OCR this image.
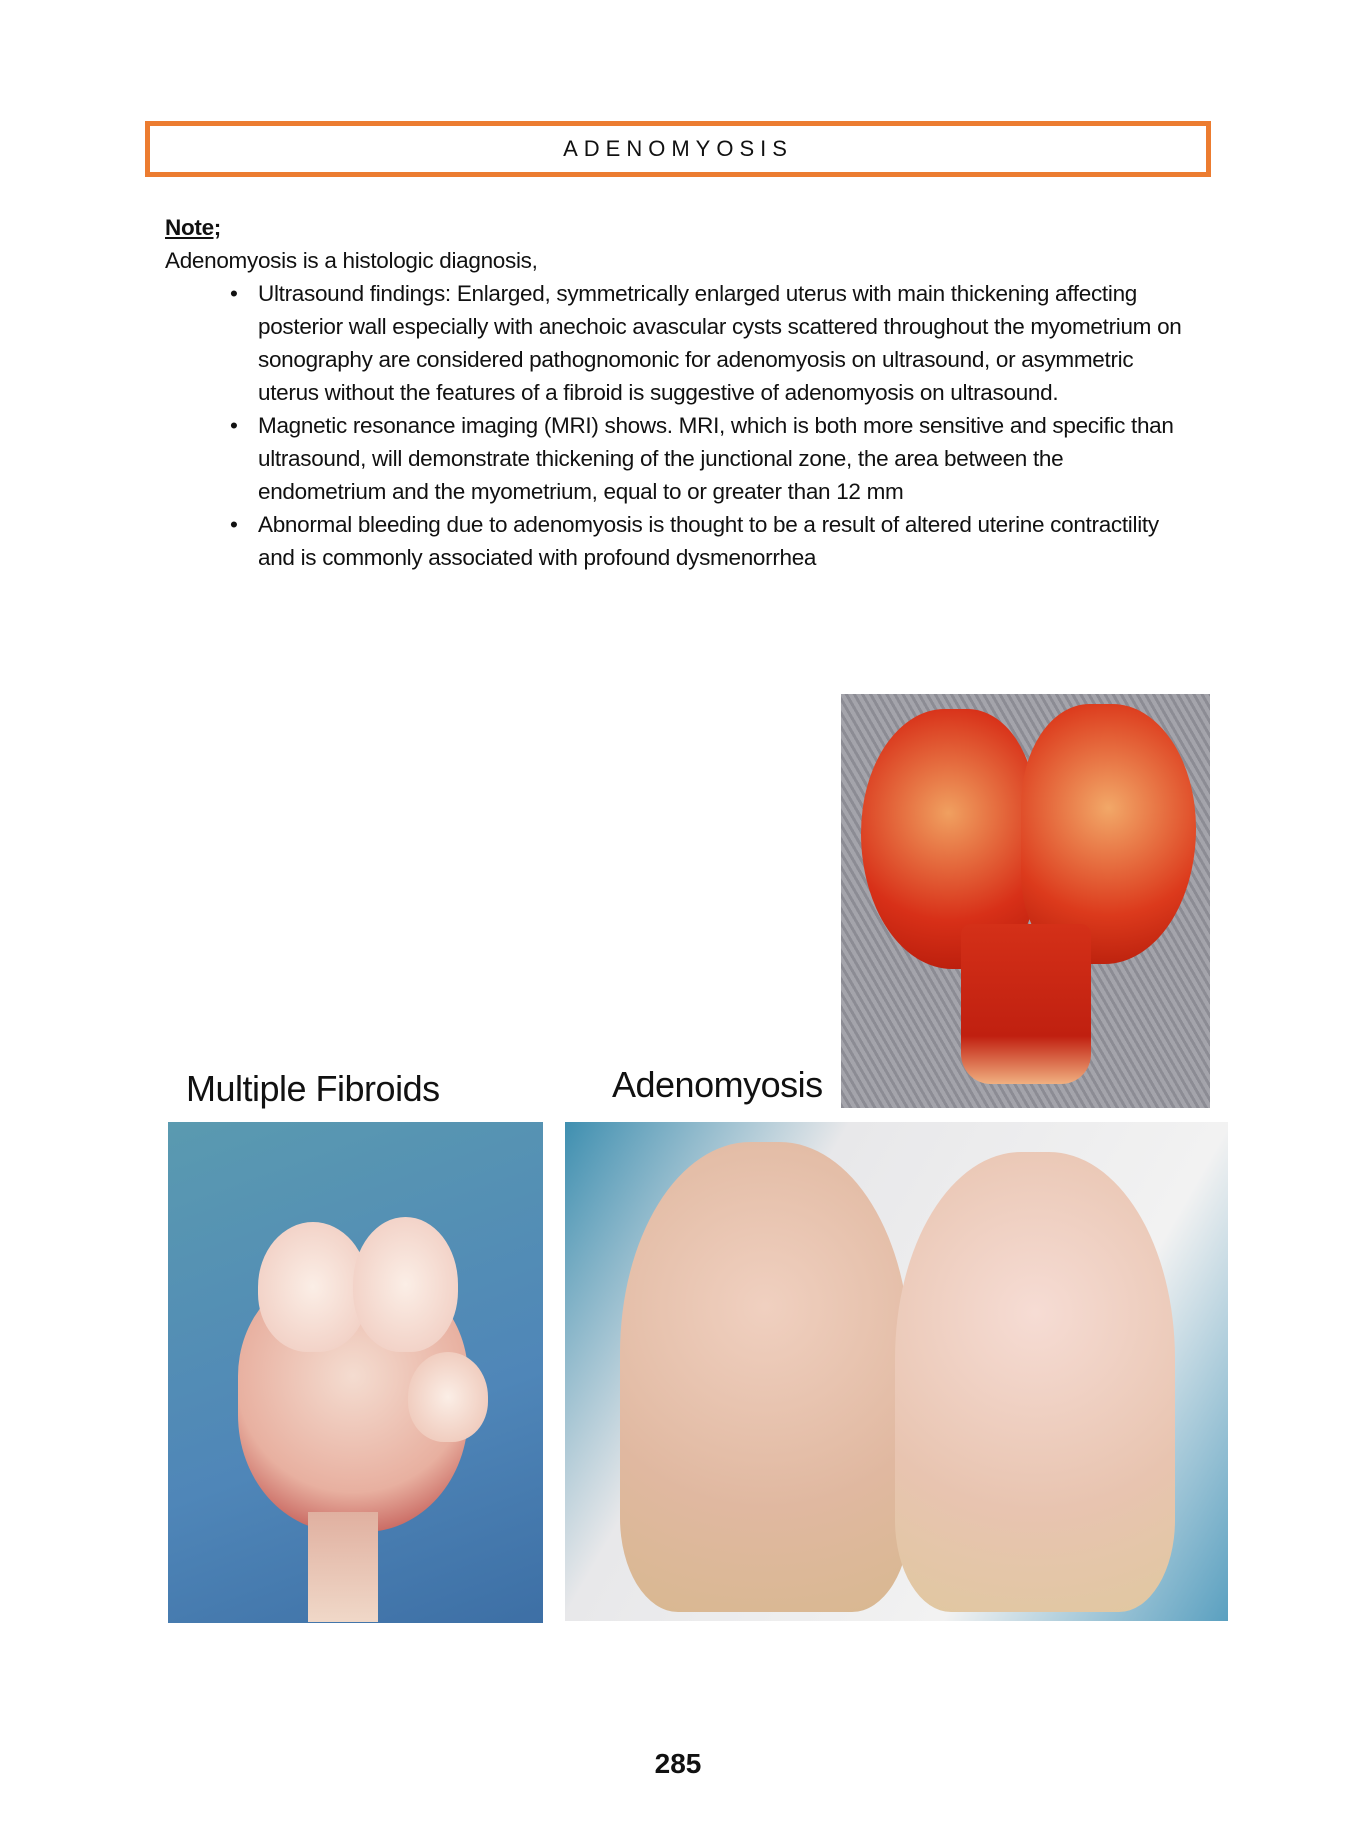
ADENOMYOSIS
Note;
Adenomyosis is a histologic diagnosis,
• Ultrasound findings: Enlarged, symmetrically enlarged uterus with main thickening affecting posterior wall especially with anechoic avascular cysts scattered throughout the myometrium on sonography are considered pathognomonic for adenomyosis on ultrasound, or asymmetric uterus without the features of a fibroid is suggestive of adenomyosis on ultrasound.
• Magnetic resonance imaging (MRI) shows. MRI, which is both more sensitive and specific than ultrasound, will demonstrate thickening of the junctional zone, the area between the endometrium and the myometrium, equal to or greater than 12 mm
• Abnormal bleeding due to adenomyosis is thought to be a result of altered uterine contractility and is commonly associated with profound dysmenorrhea
Multiple Fibroids	Adenomyosis
285
